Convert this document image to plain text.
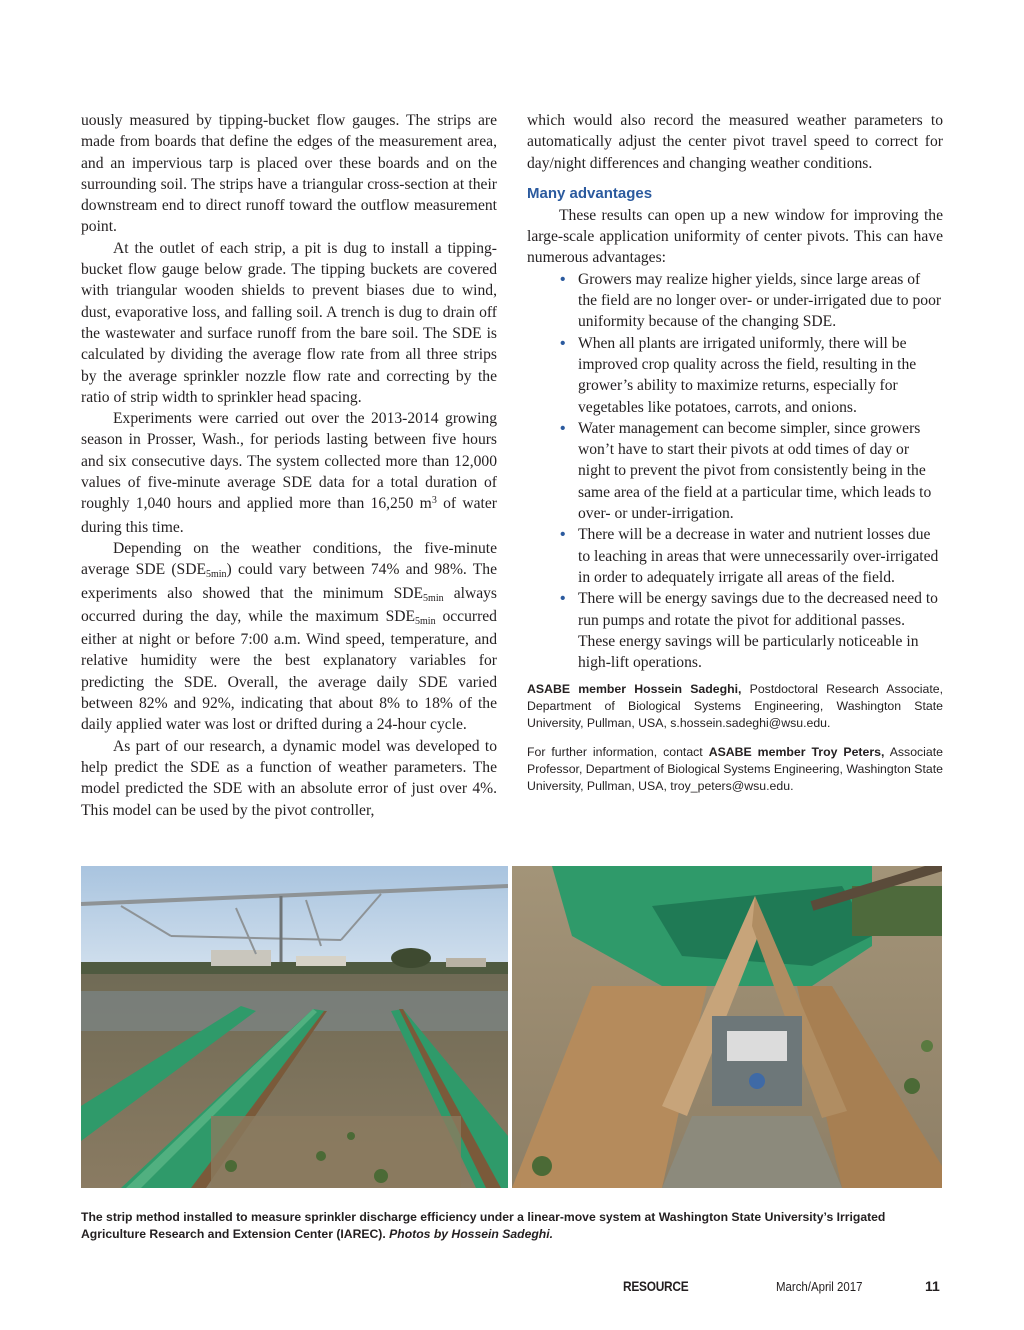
uously measured by tipping-bucket flow gauges. The strips are made from boards that define the edges of the measurement area, and an impervious tarp is placed over these boards and on the surrounding soil. The strips have a triangular cross-section at their downstream end to direct runoff toward the outflow measurement point.

At the outlet of each strip, a pit is dug to install a tipping-bucket flow gauge below grade. The tipping buckets are covered with triangular wooden shields to prevent biases due to wind, dust, evaporative loss, and falling soil. A trench is dug to drain off the wastewater and surface runoff from the bare soil. The SDE is calculated by dividing the average flow rate from all three strips by the average sprinkler nozzle flow rate and correcting by the ratio of strip width to sprinkler head spacing.

Experiments were carried out over the 2013-2014 growing season in Prosser, Wash., for periods lasting between five hours and six consecutive days. The system collected more than 12,000 values of five-minute average SDE data for a total duration of roughly 1,040 hours and applied more than 16,250 $m^3$ of water during this time.

Depending on the weather conditions, the five-minute average SDE (SDE5min) could vary between 74% and 98%. The experiments also showed that the minimum SDE5min always occurred during the day, while the maximum SDE5min occurred either at night or before 7:00 a.m. Wind speed, temperature, and relative humidity were the best explanatory variables for predicting the SDE. Overall, the average daily SDE varied between 82% and 92%, indicating that about 8% to 18% of the daily applied water was lost or drifted during a 24-hour cycle.

As part of our research, a dynamic model was developed to help predict the SDE as a function of weather parameters. The model predicted the SDE with an absolute error of just over 4%. This model can be used by the pivot controller,

which would also record the measured weather parameters to automatically adjust the center pivot travel speed to correct for day/night differences and changing weather conditions.

Many advantages

These results can open up a new window for improving the large-scale application uniformity of center pivots. This can have numerous advantages:

• Growers may realize higher yields, since large areas of the field are no longer over- or under-irrigated due to poor uniformity because of the changing SDE.
• When all plants are irrigated uniformly, there will be improved crop quality across the field, resulting in the grower’s ability to maximize returns, especially for vegetables like potatoes, carrots, and onions.
• Water management can become simpler, since growers won’t have to start their pivots at odd times of day or night to prevent the pivot from consistently being in the same area of the field at a particular time, which leads to over- or under-irrigation.
• There will be a decrease in water and nutrient losses due to leaching in areas that were unnecessarily over-irrigated in order to adequately irrigate all areas of the field.
• There will be energy savings due to the decreased need to run pumps and rotate the pivot for additional passes. These energy savings will be particularly noticeable in high-lift operations.

ASABE member Hossein Sadeghi, Postdoctoral Research Associate, Department of Biological Systems Engineering, Washington State University, Pullman, USA, s.hossein.sadeghi@wsu.edu.

For further information, contact ASABE member Troy Peters, Associate Professor, Department of Biological Systems Engineering, Washington State University, Pullman, USA, troy_peters@wsu.edu.

The strip method installed to measure sprinkler discharge efficiency under a linear-move system at Washington State University’s Irrigated Agriculture Research and Extension Center (IAREC). Photos by Hossein Sadeghi.
RESOURCE	March/April 2017	11
